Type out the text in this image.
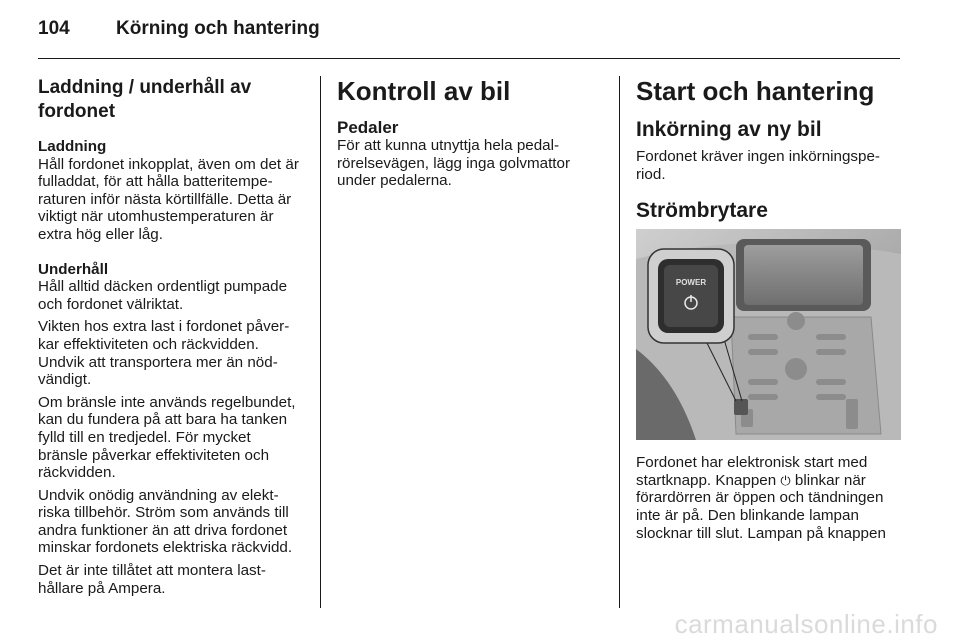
104 Körning och hantering
Laddning / underhåll av fordonet
Laddning
Håll fordonet inkopplat, även om det är fulladdat, för att hålla batteritemperaturen inför nästa körtillfälle. Detta är viktigt när utomhustemperaturen är extra hög eller låg.
Underhåll
Håll alltid däcken ordentligt pumpade och fordonet välriktat.
Vikten hos extra last i fordonet påverkar effektiviteten och räckvidden. Undvik att transportera mer än nödvändigt.
Om bränsle inte används regelbundet, kan du fundera på att bara ha tanken fylld till en tredjedel. För mycket bränsle påverkar effektiviteten och räckvidden.
Undvik onödig användning av elektriska tillbehör. Ström som används till andra funktioner än att driva fordonet minskar fordonets elektriska räckvidd.
Det är inte tillåtet att montera lasthållare på Ampera.
Kontroll av bil
Pedaler
För att kunna utnyttja hela pedalrörelsevägen, lägg inga golvmattor under pedalerna.
Start och hantering
Inkörning av ny bil
Fordonet kräver ingen inkörningsperiod.
Strömbrytare
POWER
Fordonet har elektronisk start med startknapp. Knappen ⏻ blinkar när förardörren är öppen och tändningen inte är på. Den blinkande lampan slocknar till slut. Lampan på knappen
carmanualsonline.info
